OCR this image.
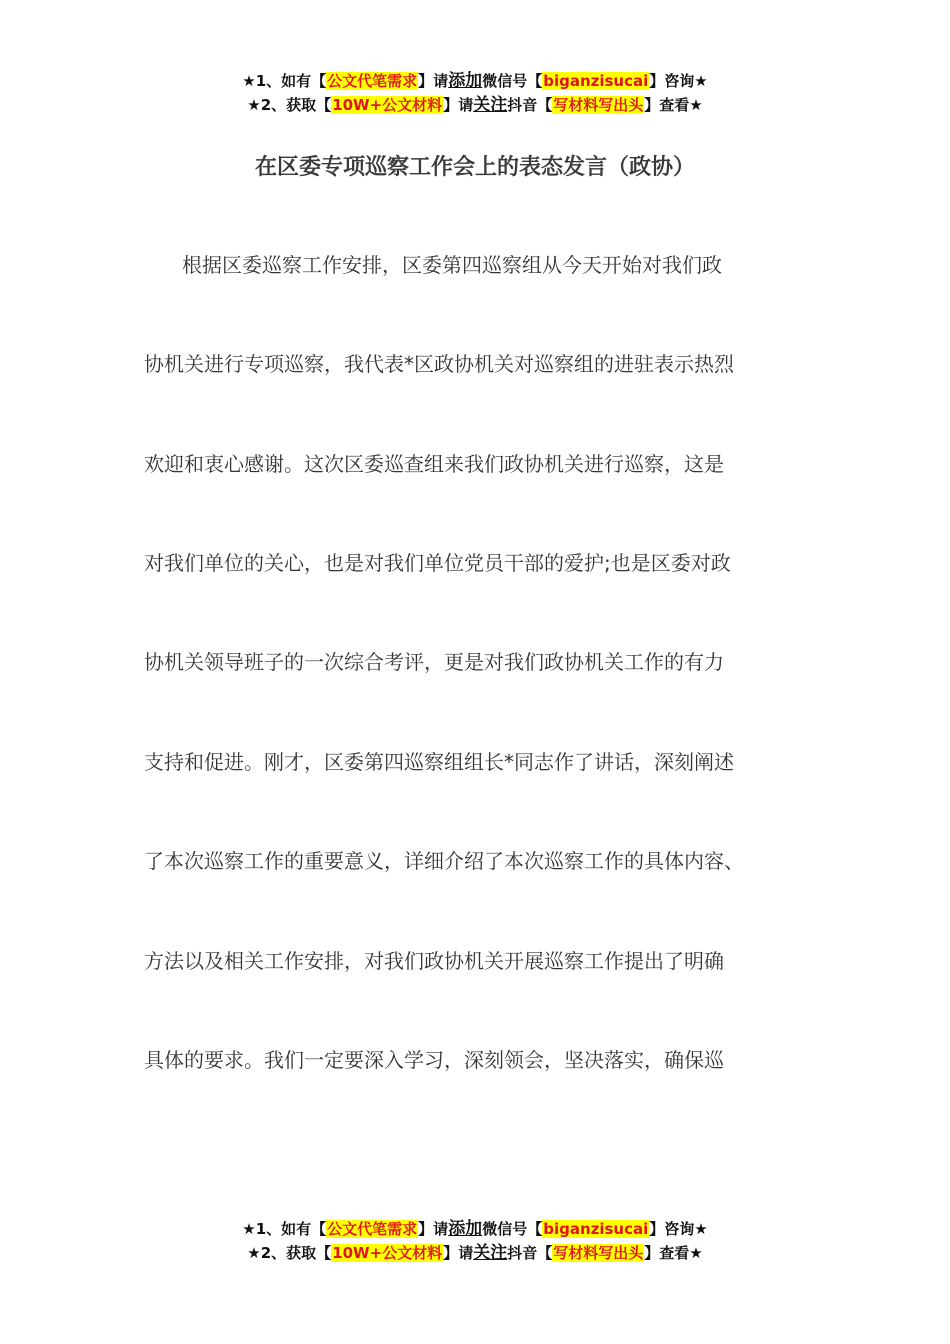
★1、如有【公文代笔需求】请添加微信号【biganzisucai】咨询★
★2、获取【10W+公文材料】请关注抖音【写材料写出头】查看★
在区委专项巡察工作会上的表态发言（政协）
根据区委巡察工作安排，区委第四巡察组从今天开始对我们政
协机关进行专项巡察，我代表*区政协机关对巡察组的进驻表示热烈
欢迎和衷心感谢。这次区委巡查组来我们政协机关进行巡察，这是
对我们单位的关心，也是对我们单位党员干部的爱护;也是区委对政
协机关领导班子的一次综合考评，更是对我们政协机关工作的有力
支持和促进。刚才，区委第四巡察组组长*同志作了讲话，深刻阐述
了本次巡察工作的重要意义，详细介绍了本次巡察工作的具体内容、
方法以及相关工作安排，对我们政协机关开展巡察工作提出了明确
具体的要求。我们一定要深入学习，深刻领会，坚决落实，确保巡
★1、如有【公文代笔需求】请添加微信号【biganzisucai】咨询★
★2、获取【10W+公文材料】请关注抖音【写材料写出头】查看★
